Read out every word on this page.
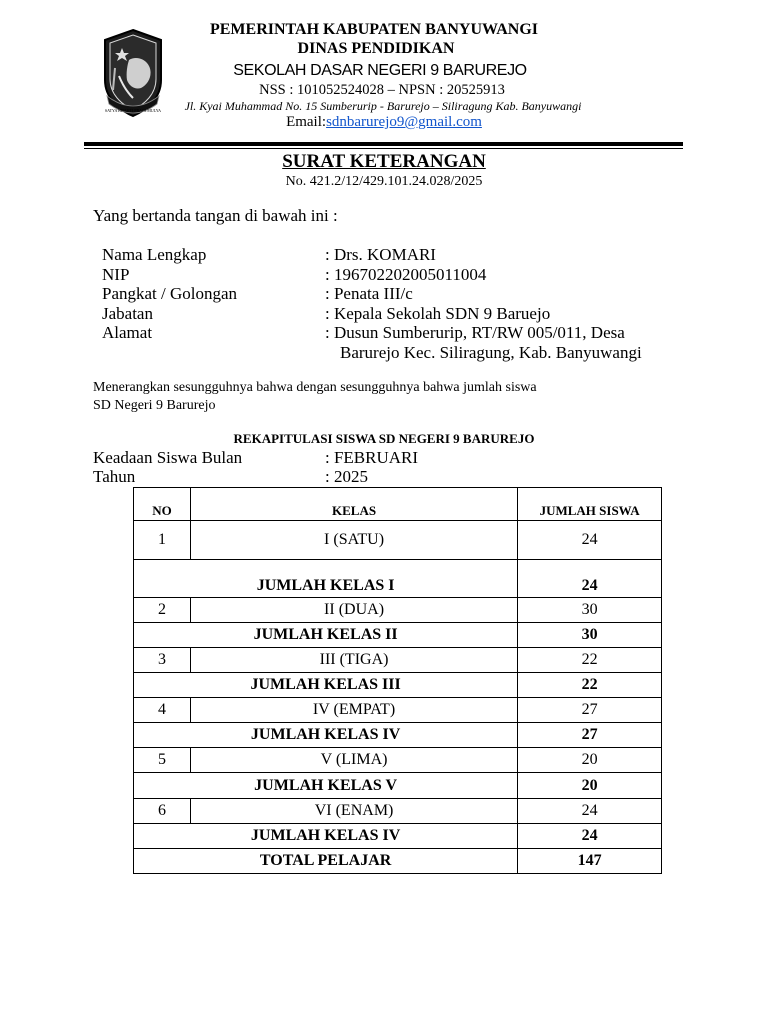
SATYA BHAKTI PRAJA MULYA
PEMERINTAH KABUPATEN BANYUWANGI
DINAS PENDIDIKAN
SEKOLAH DASAR NEGERI 9 BARUREJO
NSS : 101052524028 – NPSN : 20525913
Jl. Kyai Muhammad No. 15 Sumberurip - Barurejo – Siliragung Kab. Banyuwangi
Email:sdnbarurejo9@gmail.com
SURAT KETERANGAN
No. 421.2/12/429.101.24.028/2025
Yang bertanda tangan di bawah ini :
Nama Lengkap	: Drs. KOMARI
NIP	: 196702202005011004
Pangkat / Golongan	: Penata III/c
Jabatan	: Kepala Sekolah SDN 9 Baruejo
Alamat	: Dusun Sumberurip, RT/RW 005/011, Desa
Barurejo Kec. Siliragung, Kab. Banyuwangi
Menerangkan sesungguhnya bahwa dengan sesungguhnya bahwa jumlah siswa
SD Negeri 9 Barurejo
REKAPITULASI SISWA SD NEGERI 9 BARUREJO
Keadaan Siswa Bulan	: FEBRUARI
Tahun	: 2025
NO	KELAS	JUMLAH SISWA
1	I (SATU)	24
JUMLAH KELAS I		24
2	II (DUA)	30
JUMLAH KELAS II		30
3	III (TIGA)	22
JUMLAH KELAS III		22
4	IV (EMPAT)	27
JUMLAH KELAS IV		27
5	V (LIMA)	20
JUMLAH KELAS V		20
6	VI (ENAM)	24
JUMLAH KELAS IV		24
TOTAL PELAJAR		147
